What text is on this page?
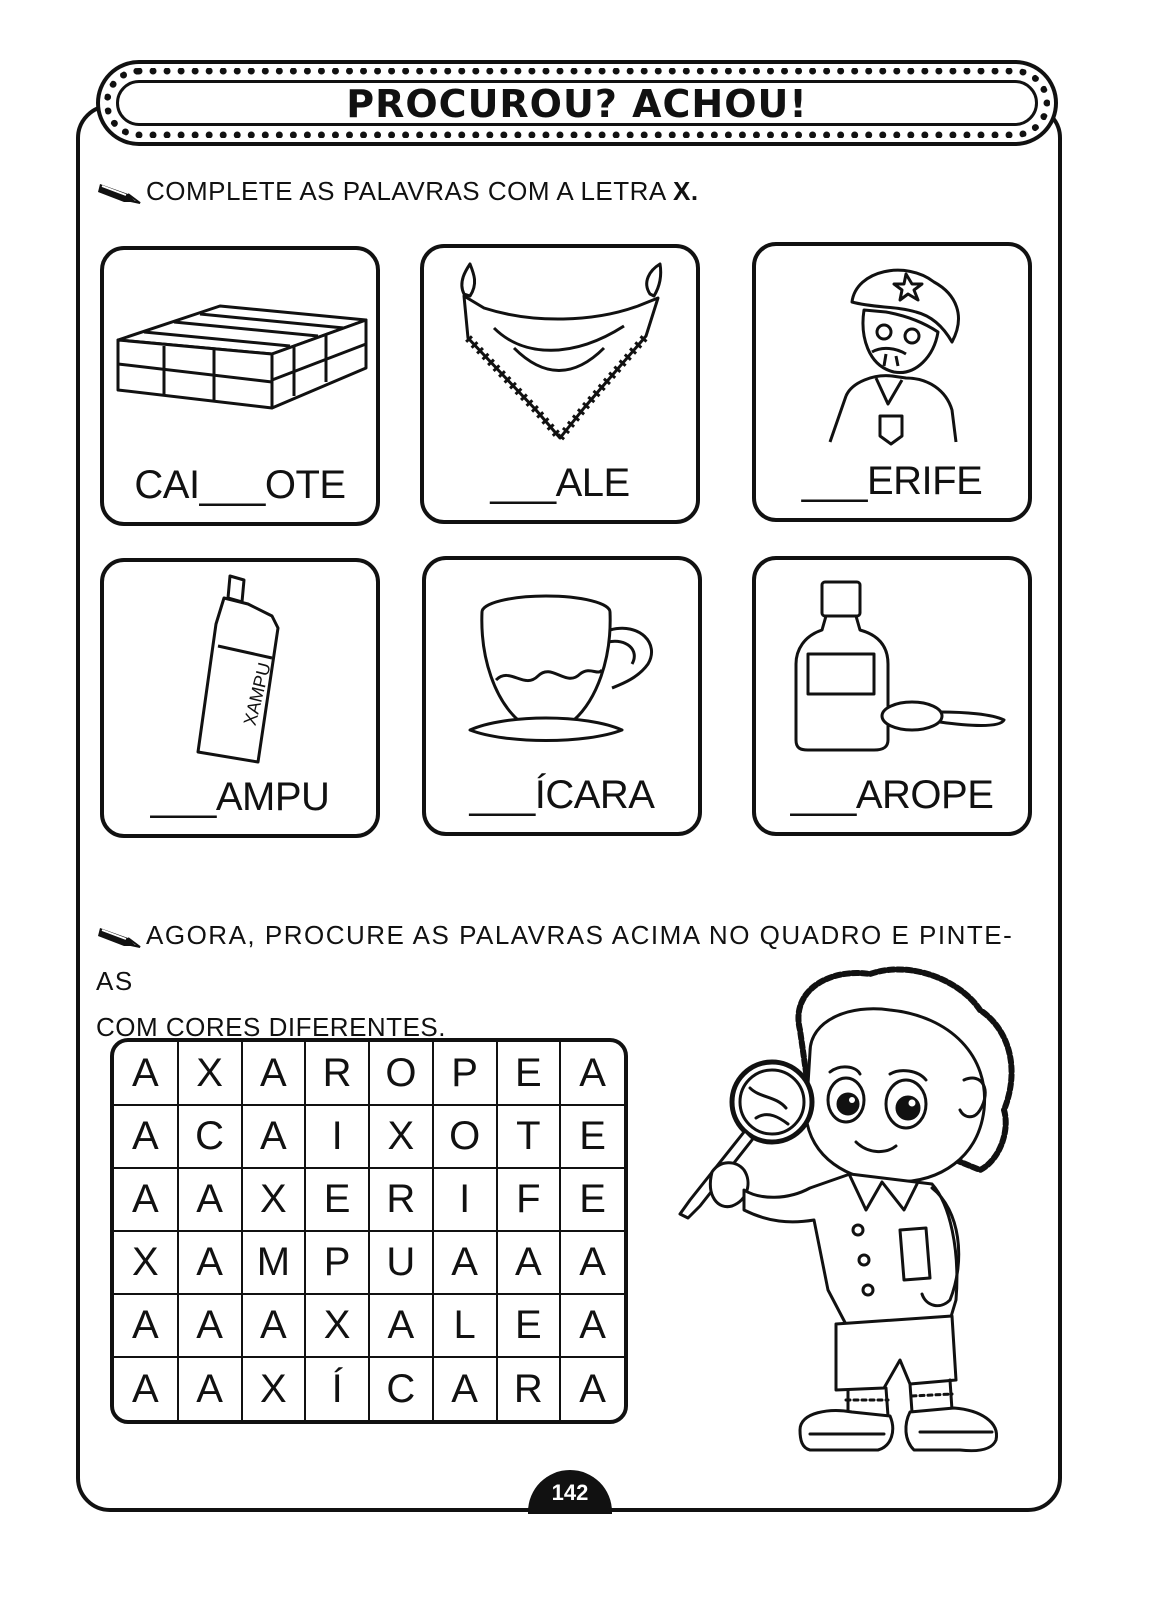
PROCUROU? ACHOU!
COMPLETE AS PALAVRAS COM A LETRA X.
CAI___OTE	___ALE	___ERIFE
XAMPU
___AMPU	___ÍCARA	___AROPE
AGORA, PROCURE AS PALAVRAS ACIMA NO QUADRO E PINTE-AS
COM CORES DIFERENTES.
A	X	A	R	O	P	E	A
A	C	A	I	X	O	T	E
A	A	X	E	R	I	F	E
X	A	M	P	U	A	A	A
A	A	A	X	A	L	E	A
A	A	X	Í	C	A	R	A
142
